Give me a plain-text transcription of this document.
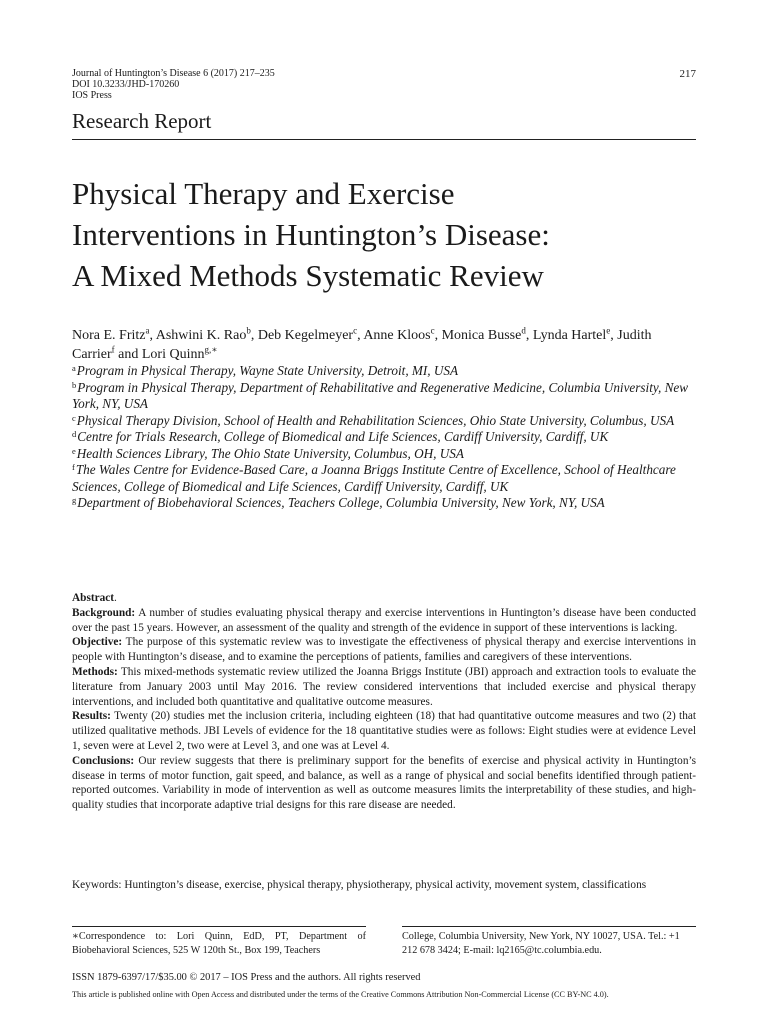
Journal of Huntington’s Disease 6 (2017) 217–235
DOI 10.3233/JHD-170260
IOS Press
217
Research Report
Physical Therapy and Exercise
Interventions in Huntington’s Disease:
A Mixed Methods Systematic Review
Nora E. Fritz$^a$, Ashwini K. Rao$^b$, Deb Kegelmeyer$^c$, Anne Kloos$^c$, Monica Busse$^d$, Lynda Hartel$^e$, Judith Carrier$^f$ and Lori Quinn$^{g,∗}$
$^a$Program in Physical Therapy, Wayne State University, Detroit, MI, USA
$^b$Program in Physical Therapy, Department of Rehabilitative and Regenerative Medicine, Columbia University, New York, NY, USA
$^c$Physical Therapy Division, School of Health and Rehabilitation Sciences, Ohio State University, Columbus, USA
$^d$Centre for Trials Research, College of Biomedical and Life Sciences, Cardiff University, Cardiff, UK
$^e$Health Sciences Library, The Ohio State University, Columbus, OH, USA
$^f$The Wales Centre for Evidence-Based Care, a Joanna Briggs Institute Centre of Excellence, School of Healthcare Sciences, College of Biomedical and Life Sciences, Cardiff University, Cardiff, UK
$^g$Department of Biobehavioral Sciences, Teachers College, Columbia University, New York, NY, USA

Abstract.

Background: A number of studies evaluating physical therapy and exercise interventions in Huntington’s disease have been conducted over the past 15 years. However, an assessment of the quality and strength of the evidence in support of these interventions is lacking.

Objective: The purpose of this systematic review was to investigate the effectiveness of physical therapy and exercise interventions in people with Huntington’s disease, and to examine the perceptions of patients, families and caregivers of these interventions.

Methods: This mixed-methods systematic review utilized the Joanna Briggs Institute (JBI) approach and extraction tools to evaluate the literature from January 2003 until May 2016. The review considered interventions that included exercise and physical therapy interventions, and included both quantitative and qualitative outcome measures.

Results: Twenty (20) studies met the inclusion criteria, including eighteen (18) that had quantitative outcome measures and two (2) that utilized qualitative methods. JBI Levels of evidence for the 18 quantitative studies were as follows: Eight studies were at evidence Level 1, seven were at Level 2, two were at Level 3, and one was at Level 4.

Conclusions: Our review suggests that there is preliminary support for the benefits of exercise and physical activity in Huntington’s disease in terms of motor function, gait speed, and balance, as well as a range of physical and social benefits identified through patient-reported outcomes. Variability in mode of intervention as well as outcome measures limits the interpretability of these studies, and high-quality studies that incorporate adaptive trial designs for this rare disease are needed.

Keywords: Huntington’s disease, exercise, physical therapy, physiotherapy, physical activity, movement system, classifications
∗Correspondence to: Lori Quinn, EdD, PT, Department of Biobehavioral Sciences, 525 W 120th St., Box 199, Teachers
College, Columbia University, New York, NY 10027, USA. Tel.: +1 212 678 3424; E-mail: lq2165@tc.columbia.edu.
ISSN 1879-6397/17/$35.00 © 2017 – IOS Press and the authors. All rights reserved
This article is published online with Open Access and distributed under the terms of the Creative Commons Attribution Non-Commercial License (CC BY-NC 4.0).
